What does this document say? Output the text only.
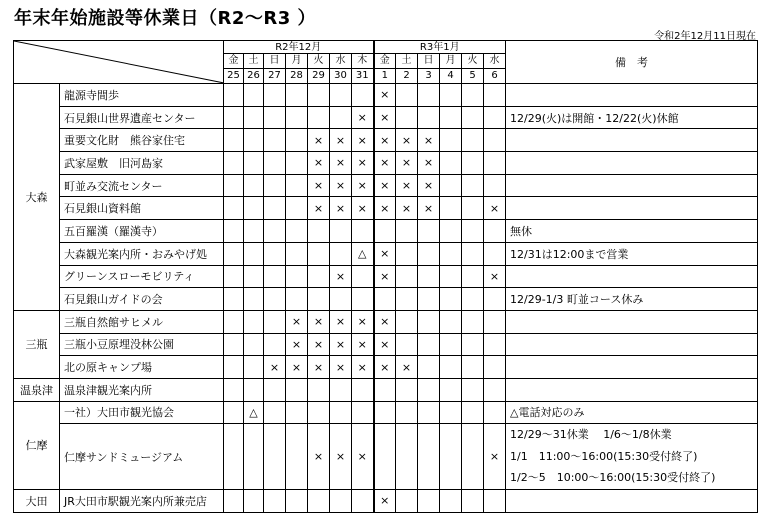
年末年始施設等休業日（R2～R3 ）
令和2年12月11日現在
	R2年12月							R3年1月						備　考
		金	土	日	月	火	水	木	金	土	日	月	火	水	
		25	26	27	28	29	30	31	1	2	3	4	5	6	
大森	龍源寺間歩								×						
	石見銀山世界遺産センター							×	×						12/29(火)は開館・12/22(火)休館
	重要文化財　熊谷家住宅					×	×	×	×	×	×				
	武家屋敷　旧河島家					×	×	×	×	×	×				
	町並み交流センター					×	×	×	×	×	×				
	石見銀山資料館					×	×	×	×	×	×			×	
	五百羅漢（羅漢寺）														無休
	大森観光案内所・おみやげ処							△	×						12/31は12:00まで営業
	グリーンスローモビリティ						×		×					×	
	石見銀山ガイドの会														12/29-1/3 町並コース休み
三瓶	三瓶自然館サヒメル				×	×	×	×	×						
	三瓶小豆原埋没林公園				×	×	×	×	×						
	北の原キャンプ場			×	×	×	×	×	×	×					
温泉津	温泉津観光案内所														
仁摩	一社）大田市観光協会		△												△電話対応のみ
	仁摩サンドミュージアム					×	×	×						×	12/29～31休業　 1/6～1/8休業
1/1　11:00～16:00(15:30受付終了)
1/2～5　10:00～16:00(15:30受付終了)

大田	JR大田市駅観光案内所兼売店								×						
